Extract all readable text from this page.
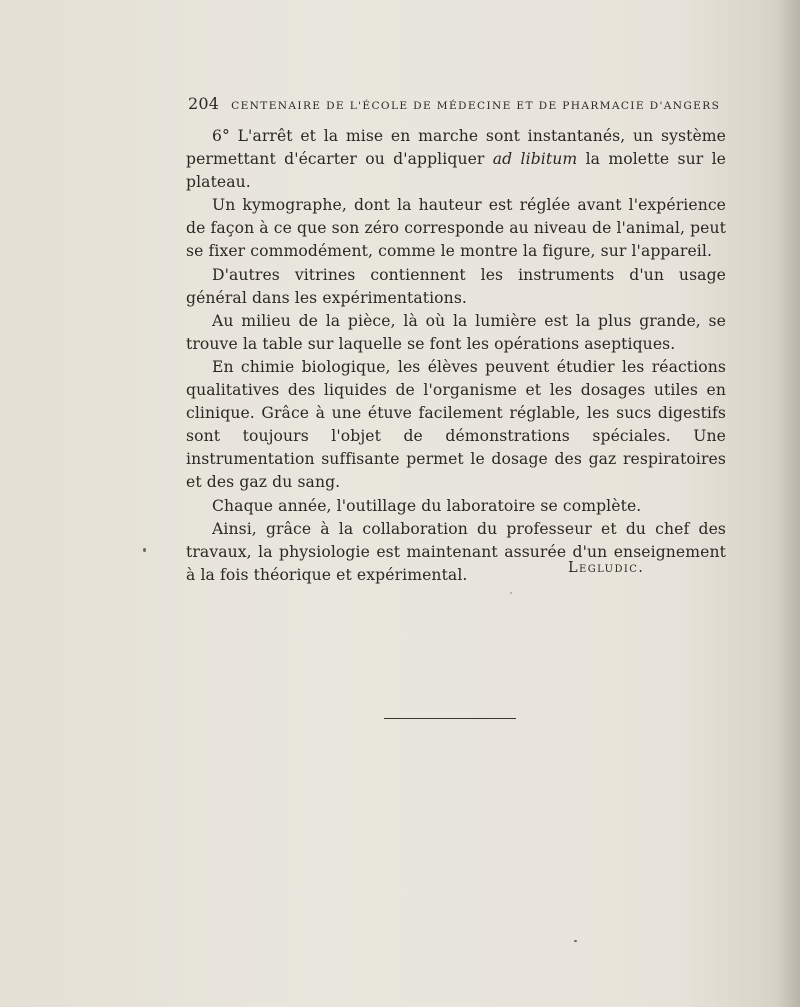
204 CENTENAIRE DE L'ÉCOLE DE MÉDECINE ET DE PHARMACIE D'ANGERS

6° L'arrêt et la mise en marche sont instantanés, un système permettant d'écarter ou d'appliquer ad libitum la molette sur le plateau.

Un kymographe, dont la hauteur est réglée avant l'expérience de façon à ce que son zéro corresponde au niveau de l'animal, peut se fixer commodément, comme le montre la figure, sur l'appareil.

D'autres vitrines contiennent les instruments d'un usage général dans les expérimentations.

Au milieu de la pièce, là où la lumière est la plus grande, se trouve la table sur laquelle se font les opérations aseptiques.

En chimie biologique, les élèves peuvent étudier les réactions qualitatives des liquides de l'organisme et les dosages utiles en clinique. Grâce à une étuve facilement réglable, les sucs digestifs sont toujours l'objet de démonstrations spéciales. Une instrumentation suffisante permet le dosage des gaz respiratoires et des gaz du sang.

Chaque année, l'outillage du laboratoire se complète.

Ainsi, grâce à la collaboration du professeur et du chef des travaux, la physiologie est maintenant assurée d'un enseignement à la fois théorique et expérimental.	Legludic.
